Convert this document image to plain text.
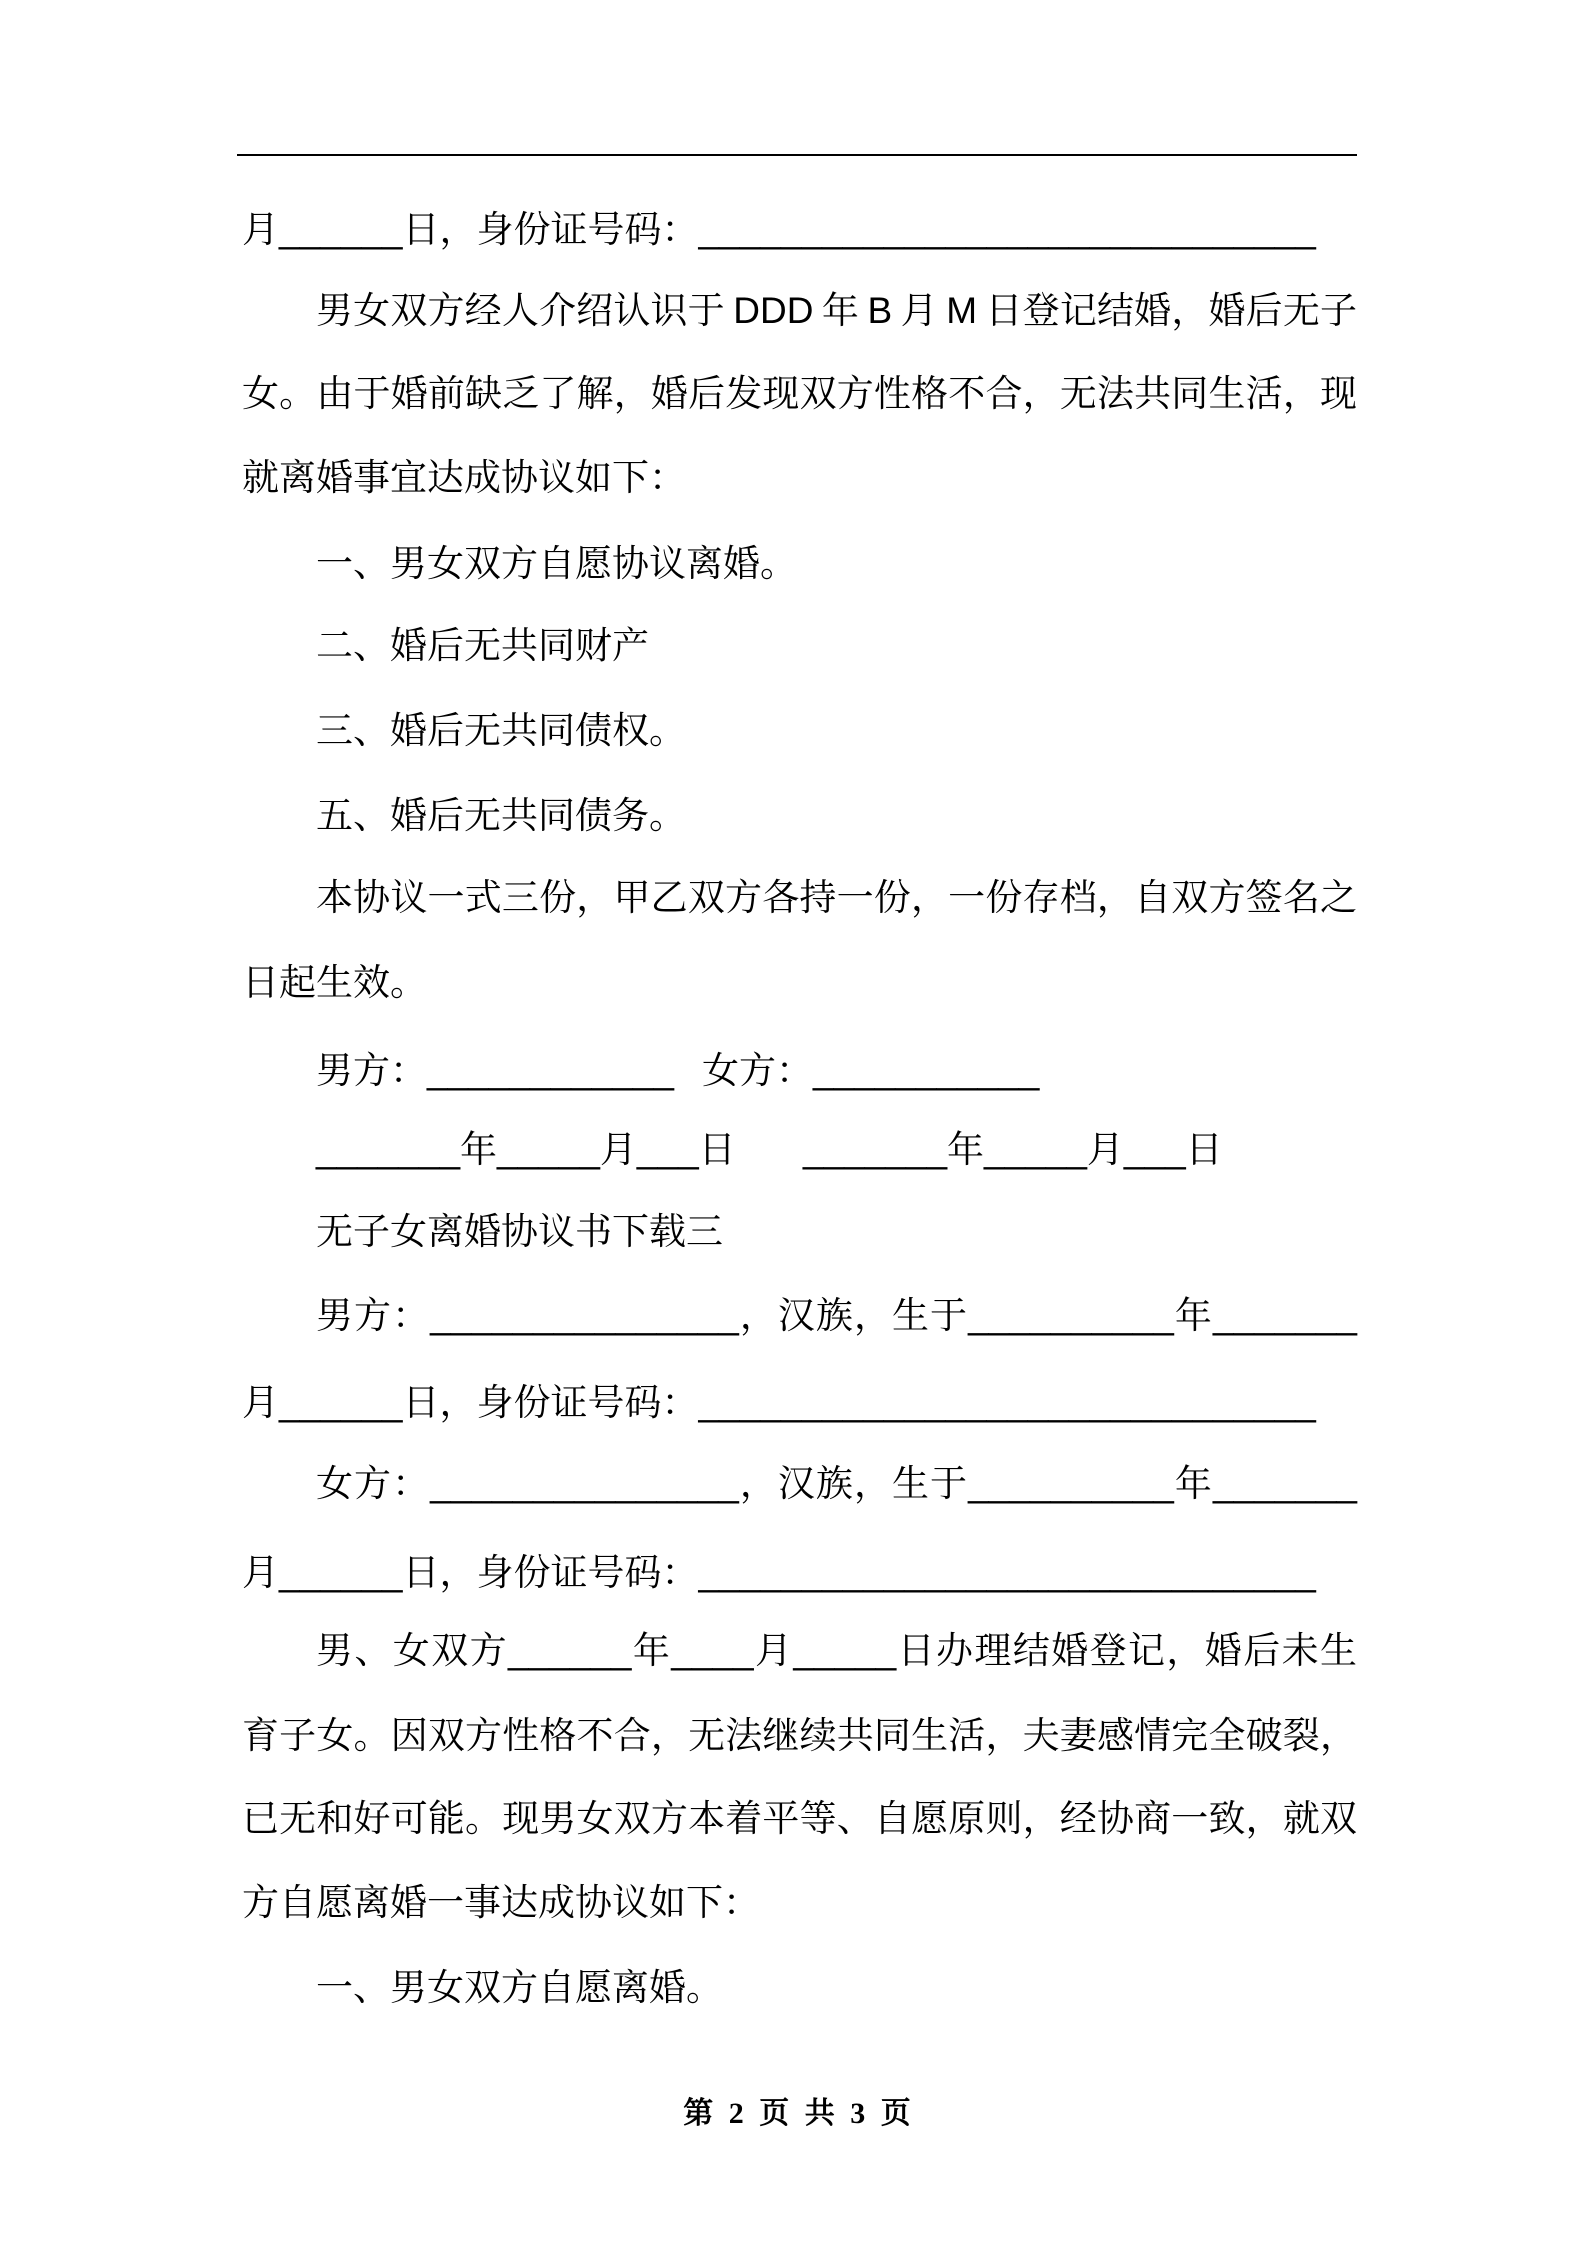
月______日，身份证号码：______________________________
男女双方经人介绍认识于 DDD 年 B 月 M 日登记结婚，婚后无子
女。由于婚前缺乏了解，婚后发现双方性格不合，无法共同生活，现
就离婚事宜达成协议如下：
一、男女双方自愿协议离婚。
二、婚后无共同财产
三、婚后无共同债权。
五、婚后无共同债务。
本协议一式三份，甲乙双方各持一份，一份存档，自双方签名之
日起生效。
男方：____________ 女方：___________
_______年_____月___日 _______年_____月___日
无子女离婚协议书下载三
男方：_______________，汉族，生于__________年_______
月______日，身份证号码：______________________________
女方：_______________，汉族，生于__________年_______
月______日，身份证号码：______________________________
男、女双方______年____月_____日办理结婚登记，婚后未生
育子女。因双方性格不合，无法继续共同生活，夫妻感情完全破裂，
已无和好可能。现男女双方本着平等、自愿原则，经协商一致，就双
方自愿离婚一事达成协议如下：
一、男女双方自愿离婚。
第 2 页 共 3 页
